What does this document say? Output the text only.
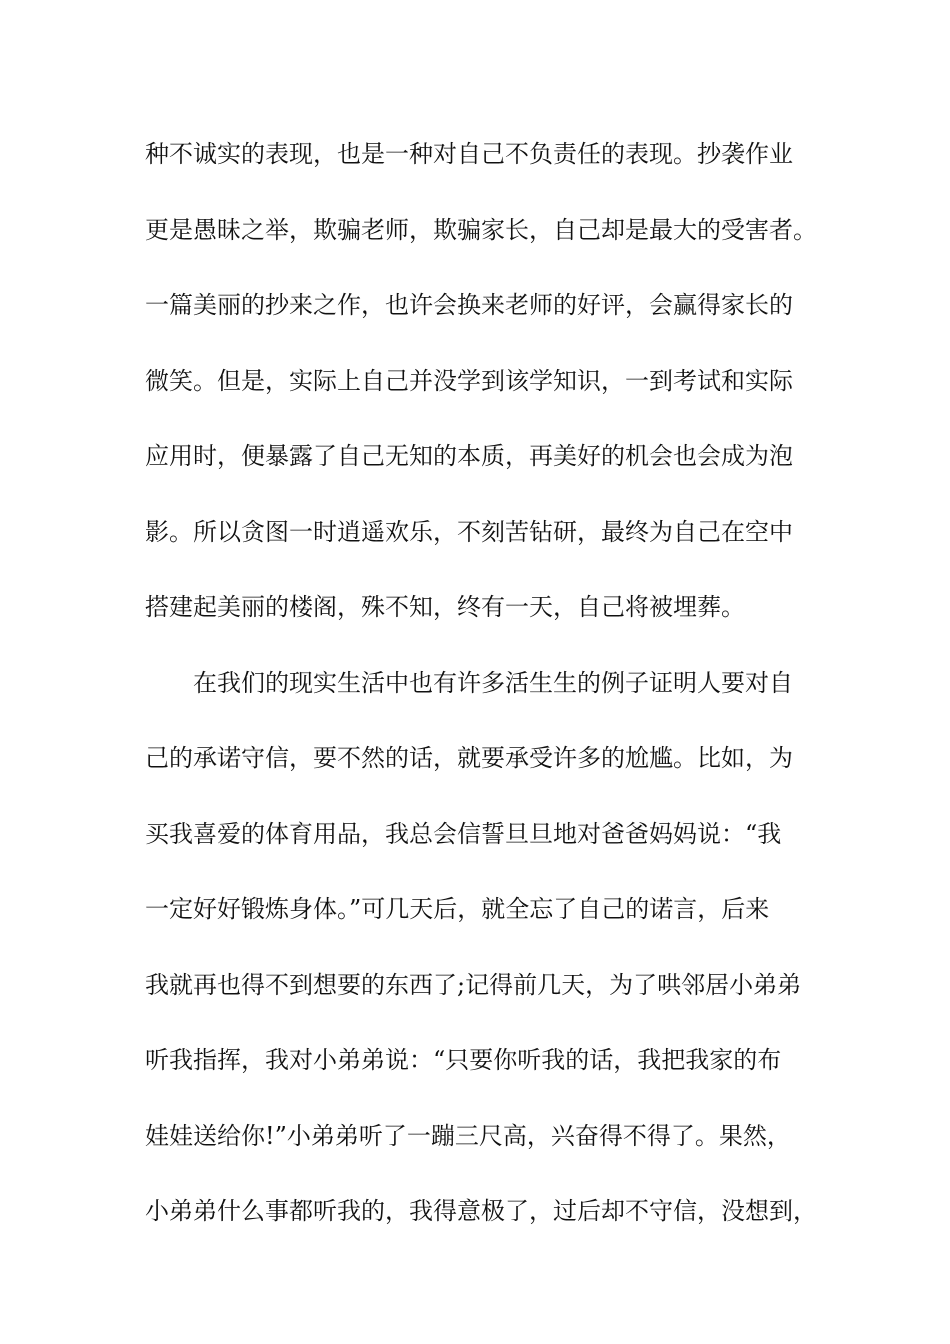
种不诚实的表现，也是一种对自己不负责任的表现。抄袭作业
更是愚昧之举，欺骗老师，欺骗家长，自己却是最大的受害者。
一篇美丽的抄来之作，也许会换来老师的好评，会赢得家长的
微笑。但是，实际上自己并没学到该学知识，一到考试和实际
应用时，便暴露了自己无知的本质，再美好的机会也会成为泡
影。所以贪图一时逍遥欢乐，不刻苦钻研，最终为自己在空中
搭建起美丽的楼阁，殊不知，终有一天，自己将被埋葬。
在我们的现实生活中也有许多活生生的例子证明人要对自
己的承诺守信，要不然的话，就要承受许多的尬尴。比如，为
买我喜爱的体育用品，我总会信誓旦旦地对爸爸妈妈说：“我
一定好好锻炼身体。”可几天后，就全忘了自己的诺言，后来
我就再也得不到想要的东西了;记得前几天，为了哄邻居小弟弟
听我指挥，我对小弟弟说：“只要你听我的话，我把我家的布
娃娃送给你!”小弟弟听了一蹦三尺高，兴奋得不得了。果然，
小弟弟什么事都听我的，我得意极了，过后却不守信，没想到，
